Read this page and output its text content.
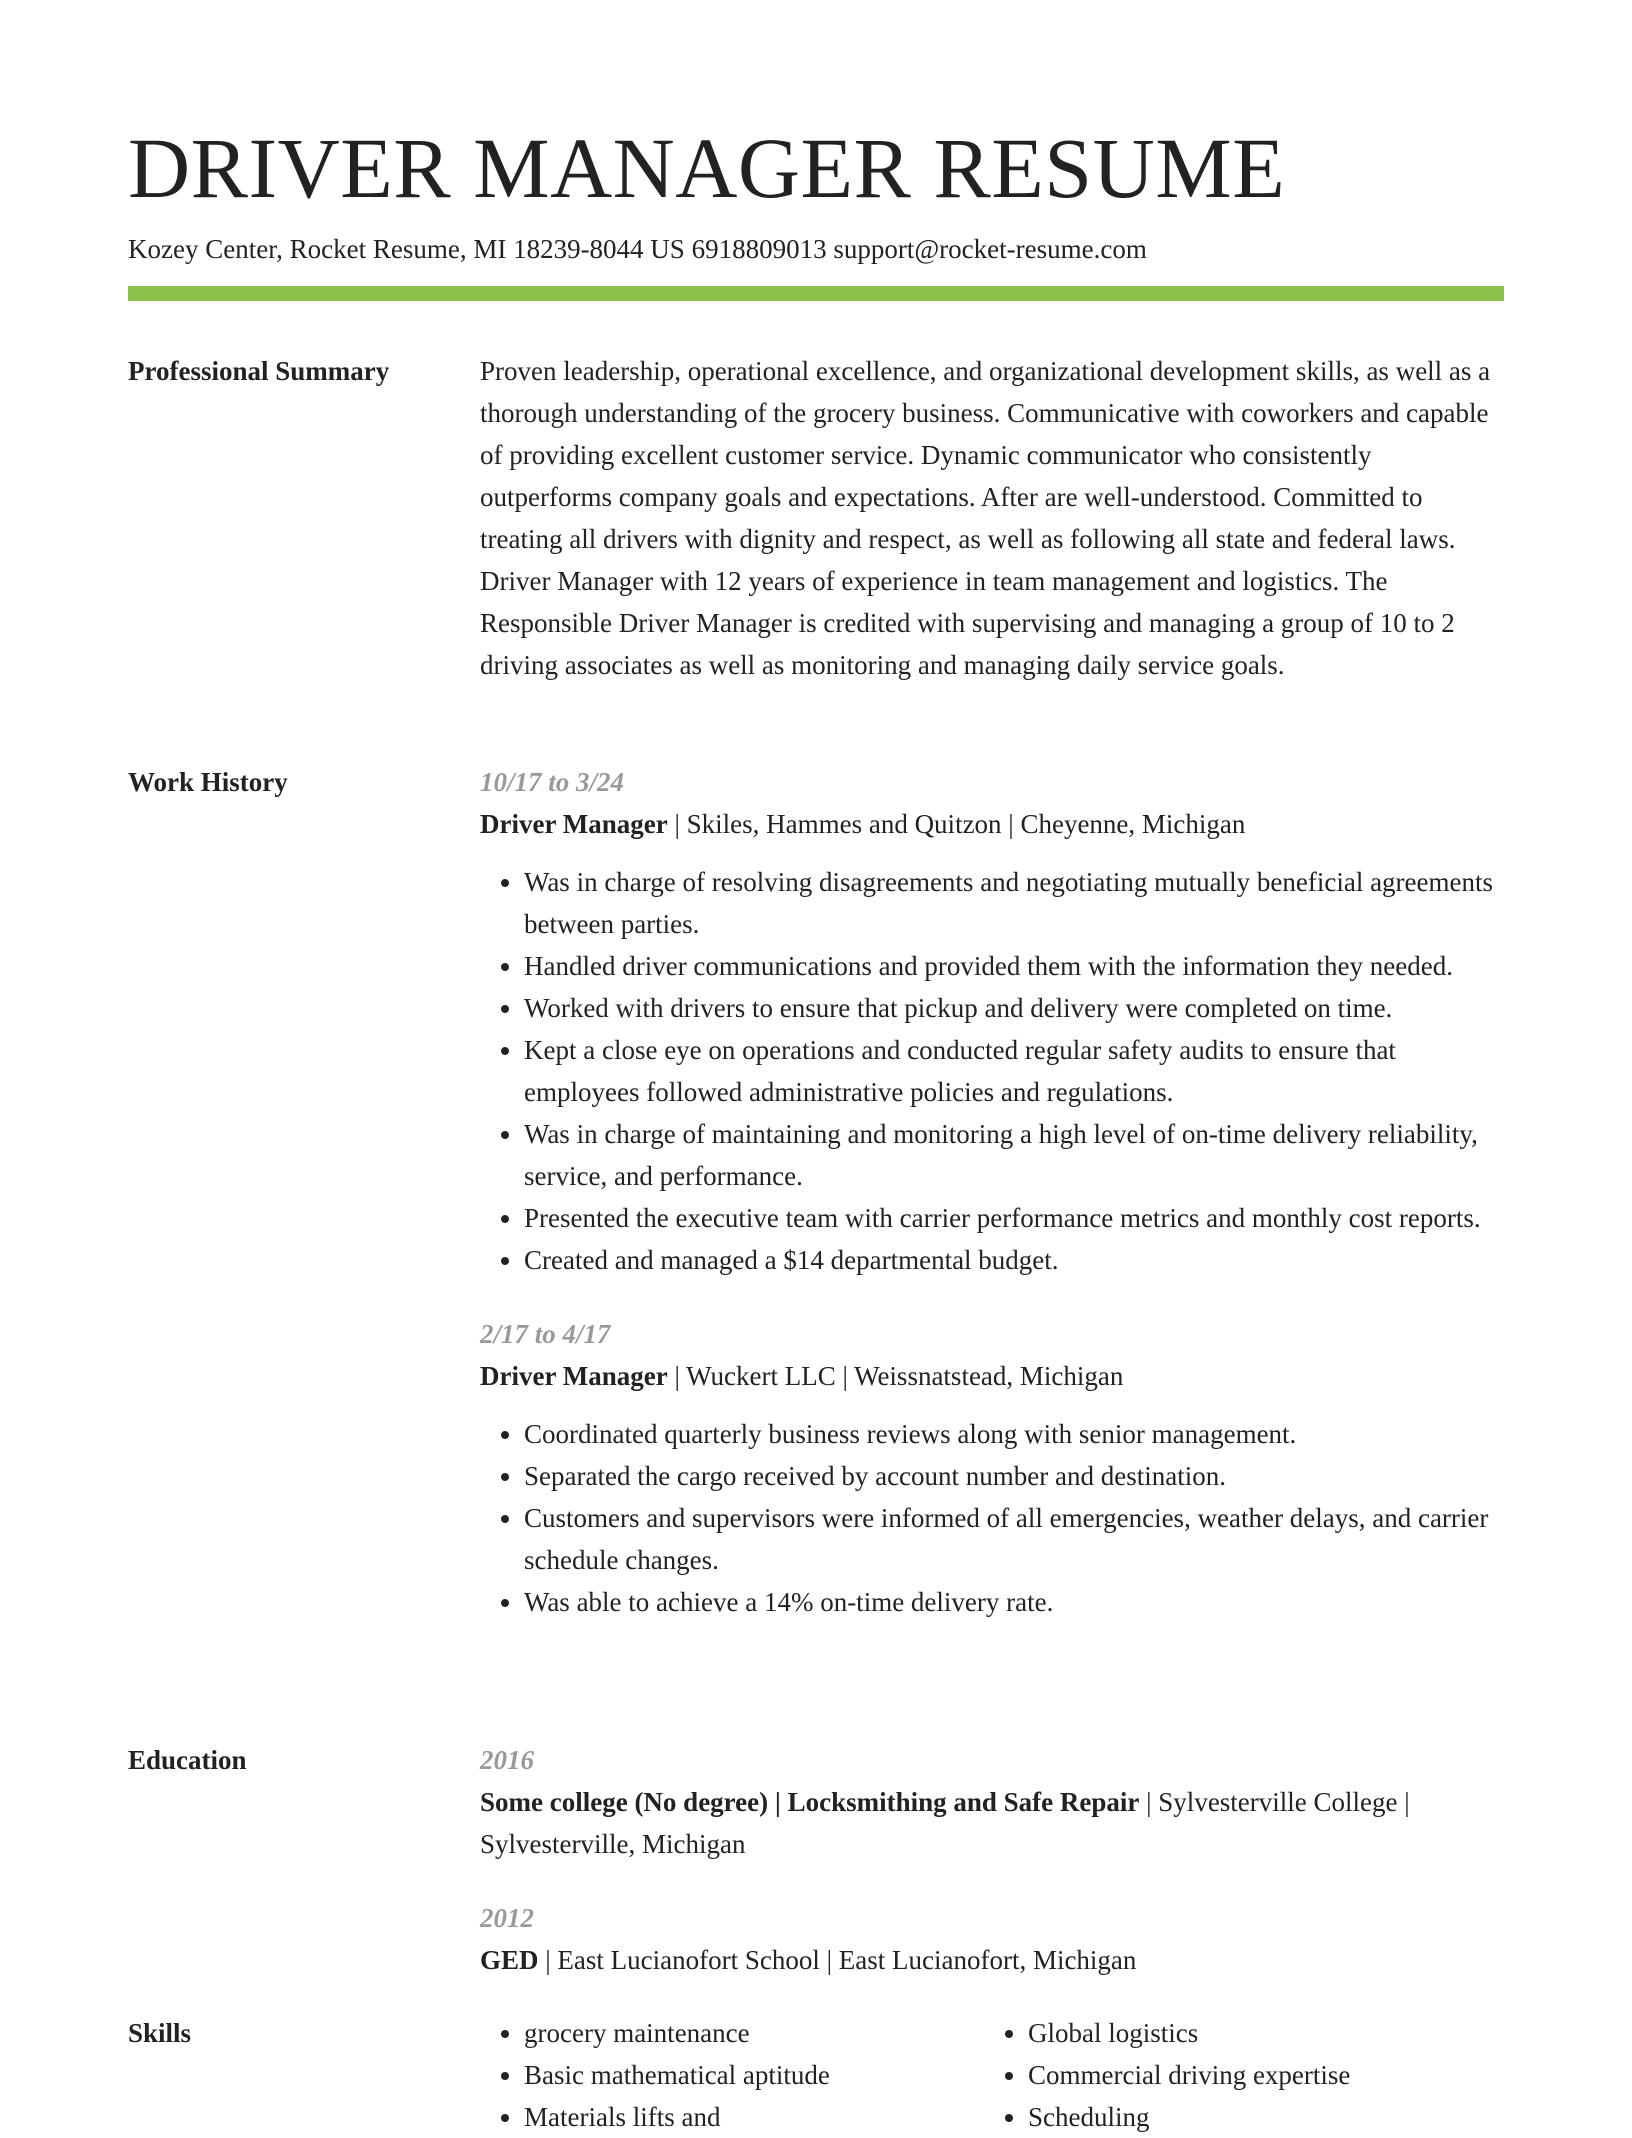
DRIVER MANAGER RESUME
Kozey Center, Rocket Resume, MI 18239-8044 US 6918809013 support@rocket-resume.com
Professional Summary	Proven leadership, operational excellence, and organizational development skills, as well as a thorough understanding of the grocery business. Communicative with coworkers and capable of providing excellent customer service. Dynamic communicator who consistently outperforms company goals and expectations. After are well-understood. Committed to treating all drivers with dignity and respect, as well as following all state and federal laws. Driver Manager with 12 years of experience in team management and logistics. The Responsible Driver Manager is credited with supervising and managing a group of 10 to 2 driving associates as well as monitoring and managing daily service goals.

Work History	10/17 to 3/24

Driver Manager | Skiles, Hammes and Quitzon | Cheyenne, Michigan

• Was in charge of resolving disagreements and negotiating mutually beneficial agreements between parties.
• Handled driver communications and provided them with the information they needed.
• Worked with drivers to ensure that pickup and delivery were completed on time.
• Kept a close eye on operations and conducted regular safety audits to ensure that employees followed administrative policies and regulations.
• Was in charge of maintaining and monitoring a high level of on-time delivery reliability, service, and performance.
• Presented the executive team with carrier performance metrics and monthly cost reports.
• Created and managed a $14 departmental budget.

2/17 to 4/17

Driver Manager | Wuckert LLC | Weissnatstead, Michigan

• Coordinated quarterly business reviews along with senior management.
• Separated the cargo received by account number and destination.
• Customers and supervisors were informed of all emergencies, weather delays, and carrier schedule changes.
• Was able to achieve a 14% on-time delivery rate.
Education	2016

Some college (No degree) | Locksmithing and Safe Repair | Sylvesterville College | Sylvesterville, Michigan

2012

GED | East Lucianofort School | East Lucianofort, Michigan

Skills
•	grocery maintenance
• Basic mathematical aptitude
• Materials lifts and
• Global logistics
• Commercial driving expertise
• Scheduling
